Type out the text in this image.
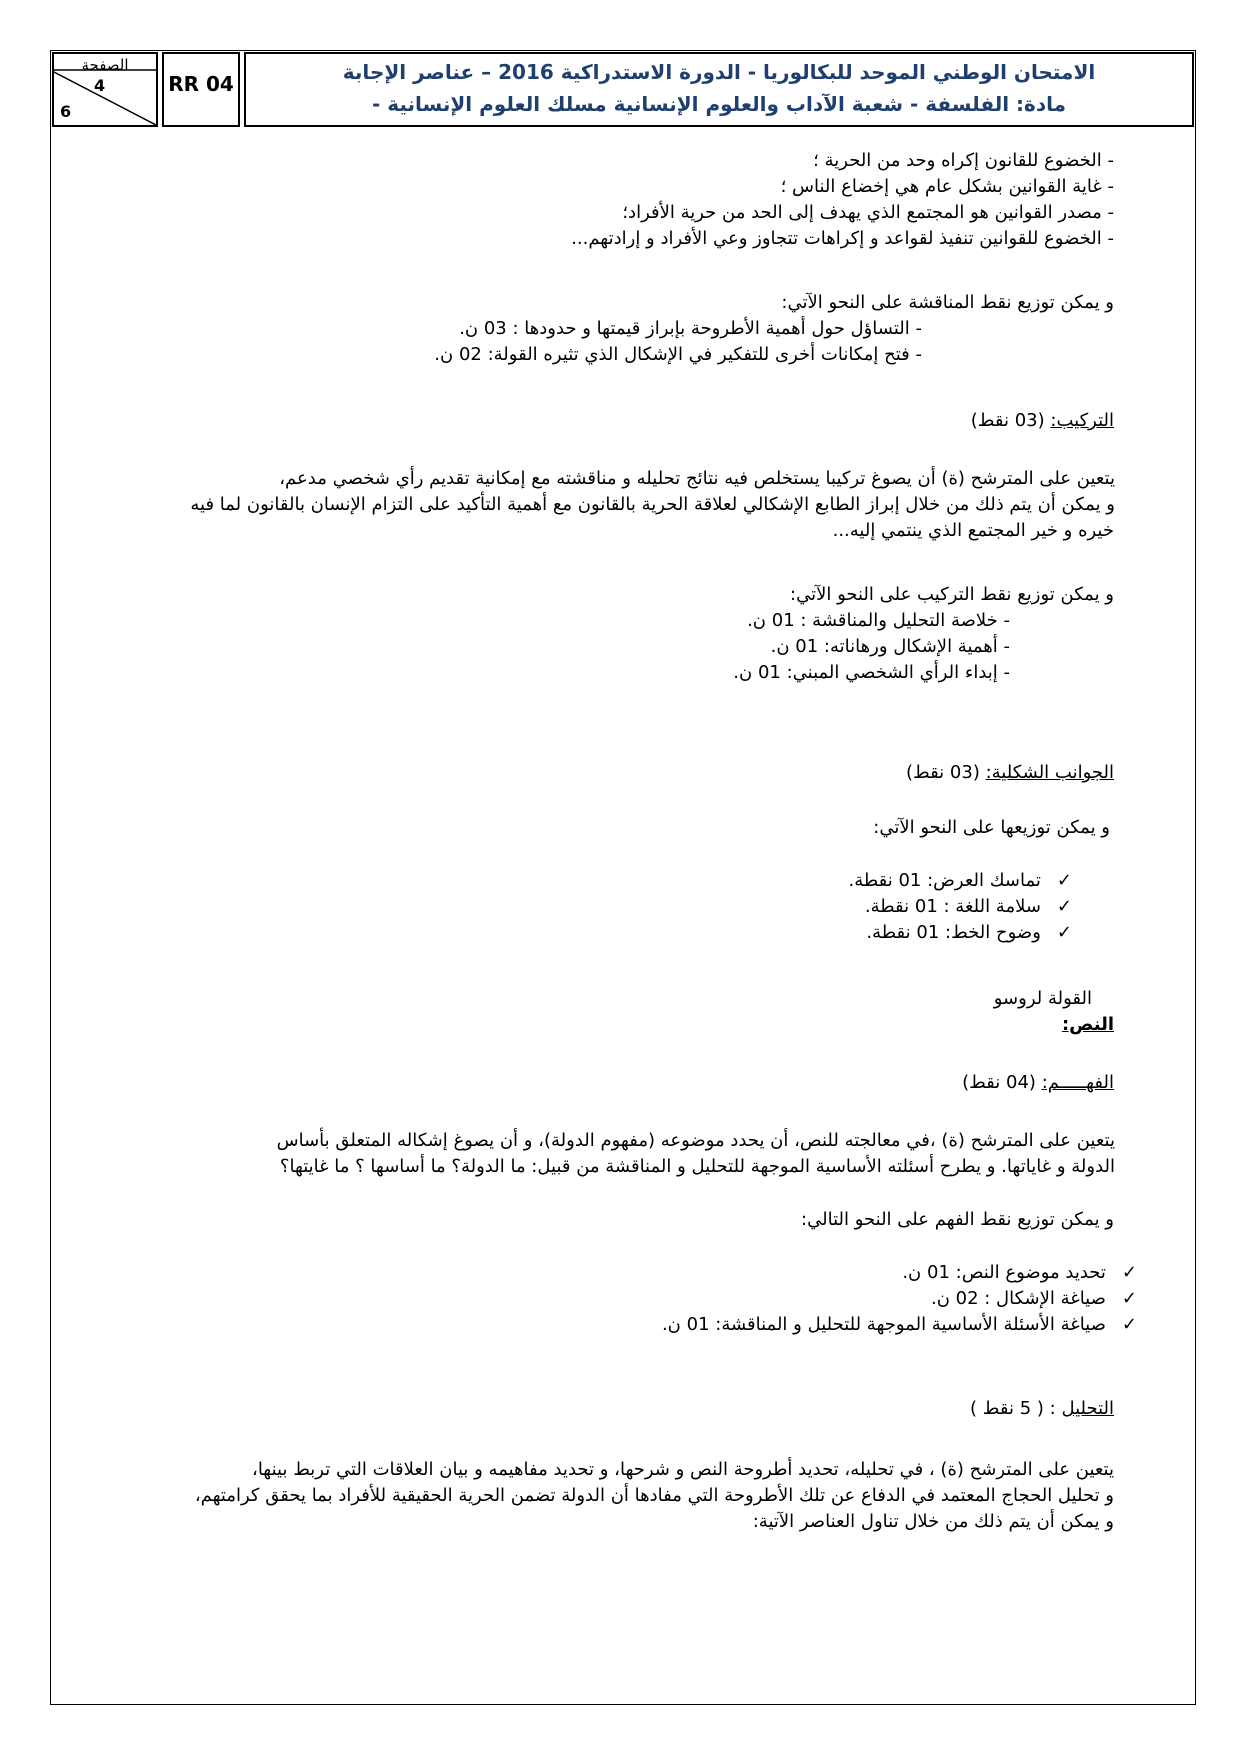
الصفحة
4
6
RR 04	الامتحان الوطني الموحد للبكالوريا - الدورة الاستدراكية 2016 – عناصر الإجابة
- مادة: الفلسفة - شعبة الآداب والعلوم الإنسانية مسلك العلوم الإنسانية
- الخضوع للقانون إكراه وحد من الحرية ؛
- غاية القوانين بشكل عام هي إخضاع الناس ؛
- مصدر القوانين هو المجتمع الذي يهدف إلى الحد من حرية الأفراد؛
- الخضوع للقوانين تنفيذ لقواعد و إكراهات تتجاوز وعي الأفراد و إرادتهم...
و يمكن توزيع نقط المناقشة على النحو الآتي:
- التساؤل حول أهمية الأطروحة بإبراز قيمتها و حدودها : 03 ن.
- فتح إمكانات أخرى للتفكير في الإشكال الذي تثيره القولة: 02 ن.
التركيب: (03 نقط)
يتعين على المترشح (ة) أن يصوغ تركيبا يستخلص فيه نتائج تحليله و مناقشته مع إمكانية تقديم رأي شخصي مدعم،
و يمكن أن يتم ذلك من خلال إبراز الطابع الإشكالي لعلاقة الحرية بالقانون مع أهمية التأكيد على التزام الإنسان بالقانون لما فيه
خيره و خير المجتمع الذي ينتمي إليه...
و يمكن توزيع نقط التركيب على النحو الآتي:
- خلاصة التحليل والمناقشة : 01 ن.
- أهمية الإشكال ورهاناته: 01 ن.
- إبداء الرأي الشخصي المبني: 01 ن.
الجوانب الشكلية: (03 نقط)
و يمكن توزيعها على النحو الآتي:
✓تماسك العرض: 01 نقطة.
✓سلامة اللغة : 01 نقطة.
✓وضوح الخط: 01 نقطة.
القولة لروسو
النص:
الفهـــــم: (04 نقط)
يتعين على المترشح (ة) ،في معالجته للنص، أن يحدد موضوعه (مفهوم الدولة)، و أن يصوغ إشكاله المتعلق بأساس
الدولة و غاياتها. و يطرح أسئلته الأساسية الموجهة للتحليل و المناقشة من قبيل: ما الدولة؟ ما أساسها ؟ ما غايتها؟
و يمكن توزيع نقط الفهم على النحو التالي:
✓تحديد موضوع النص: 01 ن.
✓صياغة الإشكال : 02 ن.
✓صياغة الأسئلة الأساسية الموجهة للتحليل و المناقشة: 01 ن.
التحليل : ( 5 نقط )
يتعين على المترشح (ة) ، في تحليله، تحديد أطروحة النص و شرحها، و تحديد مفاهيمه و بيان العلاقات التي تربط بينها،
و تحليل الحجاج المعتمد في الدفاع عن تلك الأطروحة التي مفادها أن الدولة تضمن الحرية الحقيقية للأفراد بما يحقق كرامتهم،
و يمكن أن يتم ذلك من خلال تناول العناصر الآتية:
